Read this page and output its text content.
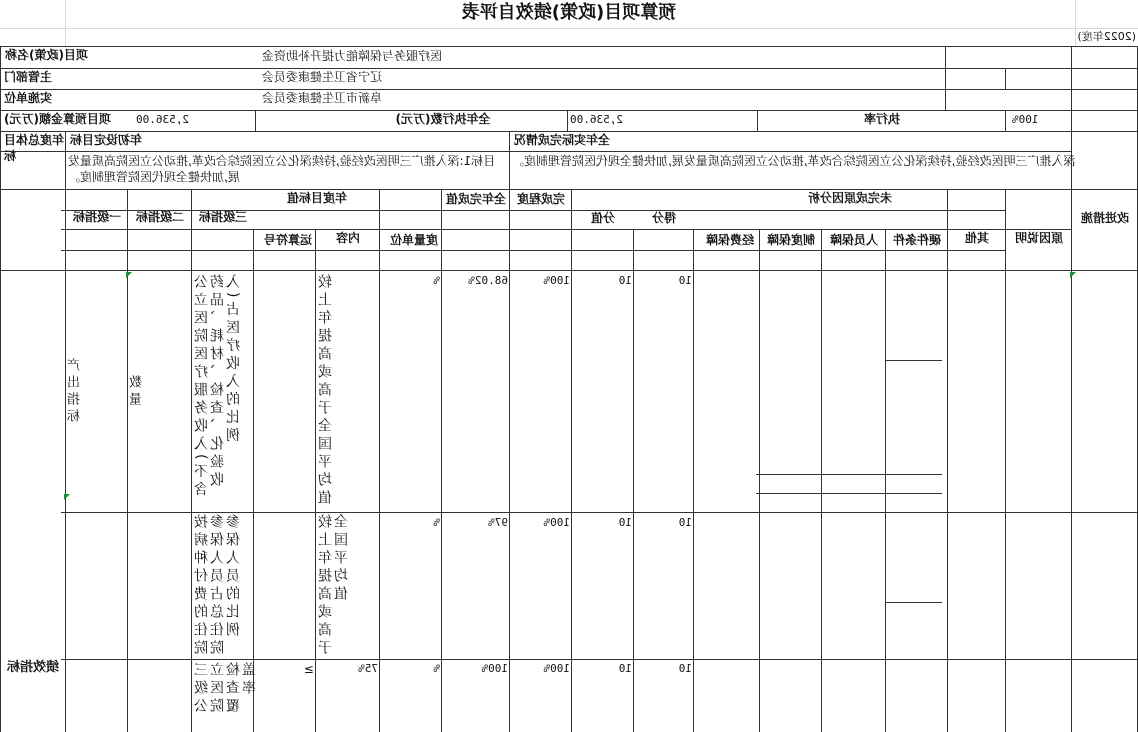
预算项目(政策)绩效自评表
(2022年度)
项目(政策)名称	医疗服务与保障能力提升补助资金
主管部门	辽宁省卫生健康委员会
实施单位	阜新市卫生健康委员会
项目预算金额(万元)	2,536.00	全年执行数(万元)	2,536.00	执行率	100%
年度总体目标
年初设定目标	全年实际完成情况
目标1:深入推广三明医改经验,持续深化公立医院综合改革,推动公立医院高质量发展,加快健全现代医院管理制度。
深入推广三明医改经验,持续深化公立医院综合改革,推动公立医院高质量发展,加快健全现代医院管理制度。
一级指标	二级指标	三级指标
年度目标值
运算符号	内容	度量单位
全年完成值 完成程度
分值	得分
未完成原因分析
经费保障	制度保障	人员保障	硬件条件	其他	原因说明
改进措施
绩效指标
产出指标	数量	公立医院医疗服务收入(不含药品、耗材、检查、化验收入)占医疗收入的比例	较上年提高或高于全国平均值	%	68.02%	100%	10	10
按病种付费的住院参保人员占总住院参保人员的比例	较上年提高或高于全国平均值	%	97%	100%	10	10
三级公立医院检查覆盖率	≥	75%	%	100%	100%	10	10
